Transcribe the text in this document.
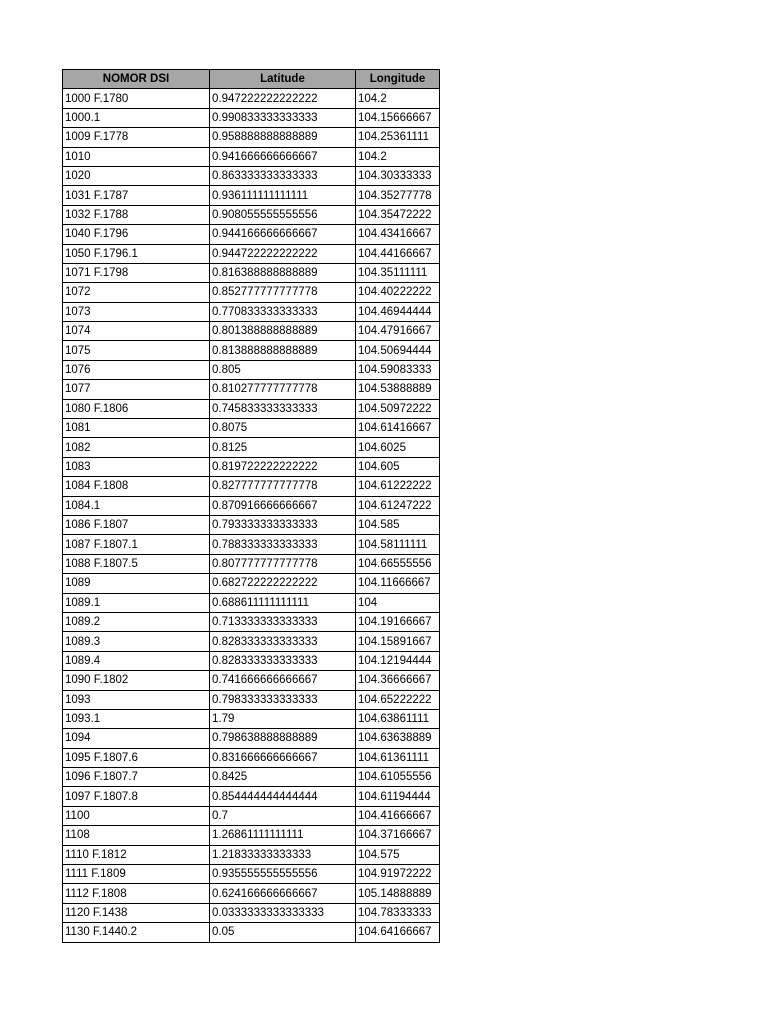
NOMOR DSI	Latitude	Longitude
1000 F.1780	0.947222222222222	104.2
1000.1	0.990833333333333	104.15666667
1009 F.1778	0.958888888888889	104.25361111
1010	0.941666666666667	104.2
1020	0.863333333333333	104.30333333
1031 F.1787	0.936111111111111	104.35277778
1032 F.1788	0.908055555555556	104.35472222
1040 F.1796	0.944166666666667	104.43416667
1050 F.1796.1	0.944722222222222	104.44166667
1071 F.1798	0.816388888888889	104.35111111
1072	0.852777777777778	104.40222222
1073	0.770833333333333	104.46944444
1074	0.801388888888889	104.47916667
1075	0.813888888888889	104.50694444
1076	0.805	104.59083333
1077	0.810277777777778	104.53888889
1080 F.1806	0.745833333333333	104.50972222
1081	0.8075	104.61416667
1082	0.8125	104.6025
1083	0.819722222222222	104.605
1084 F.1808	0.827777777777778	104.61222222
1084.1	0.870916666666667	104.61247222
1086 F.1807	0.793333333333333	104.585
1087 F.1807.1	0.788333333333333	104.58111111
1088 F.1807.5	0.807777777777778	104.66555556
1089	0.682722222222222	104.11666667
1089.1	0.688611111111111	104
1089.2	0.713333333333333	104.19166667
1089.3	0.828333333333333	104.15891667
1089.4	0.828333333333333	104.12194444
1090 F.1802	0.741666666666667	104.36666667
1093	0.798333333333333	104.65222222
1093.1	1.79	104.63861111
1094	0.798638888888889	104.63638889
1095 F.1807.6	0.831666666666667	104.61361111
1096 F.1807.7	0.8425	104.61055556
1097 F.1807.8	0.854444444444444	104.61194444
1100	0.7	104.41666667
1108	1.26861111111111	104.37166667
1110 F.1812	1.21833333333333	104.575
1111 F.1809	0.935555555555556	104.91972222
1112 F.1808	0.624166666666667	105.14888889
1120 F.1438	0.0333333333333333	104.78333333
1130 F.1440.2	0.05	104.64166667
